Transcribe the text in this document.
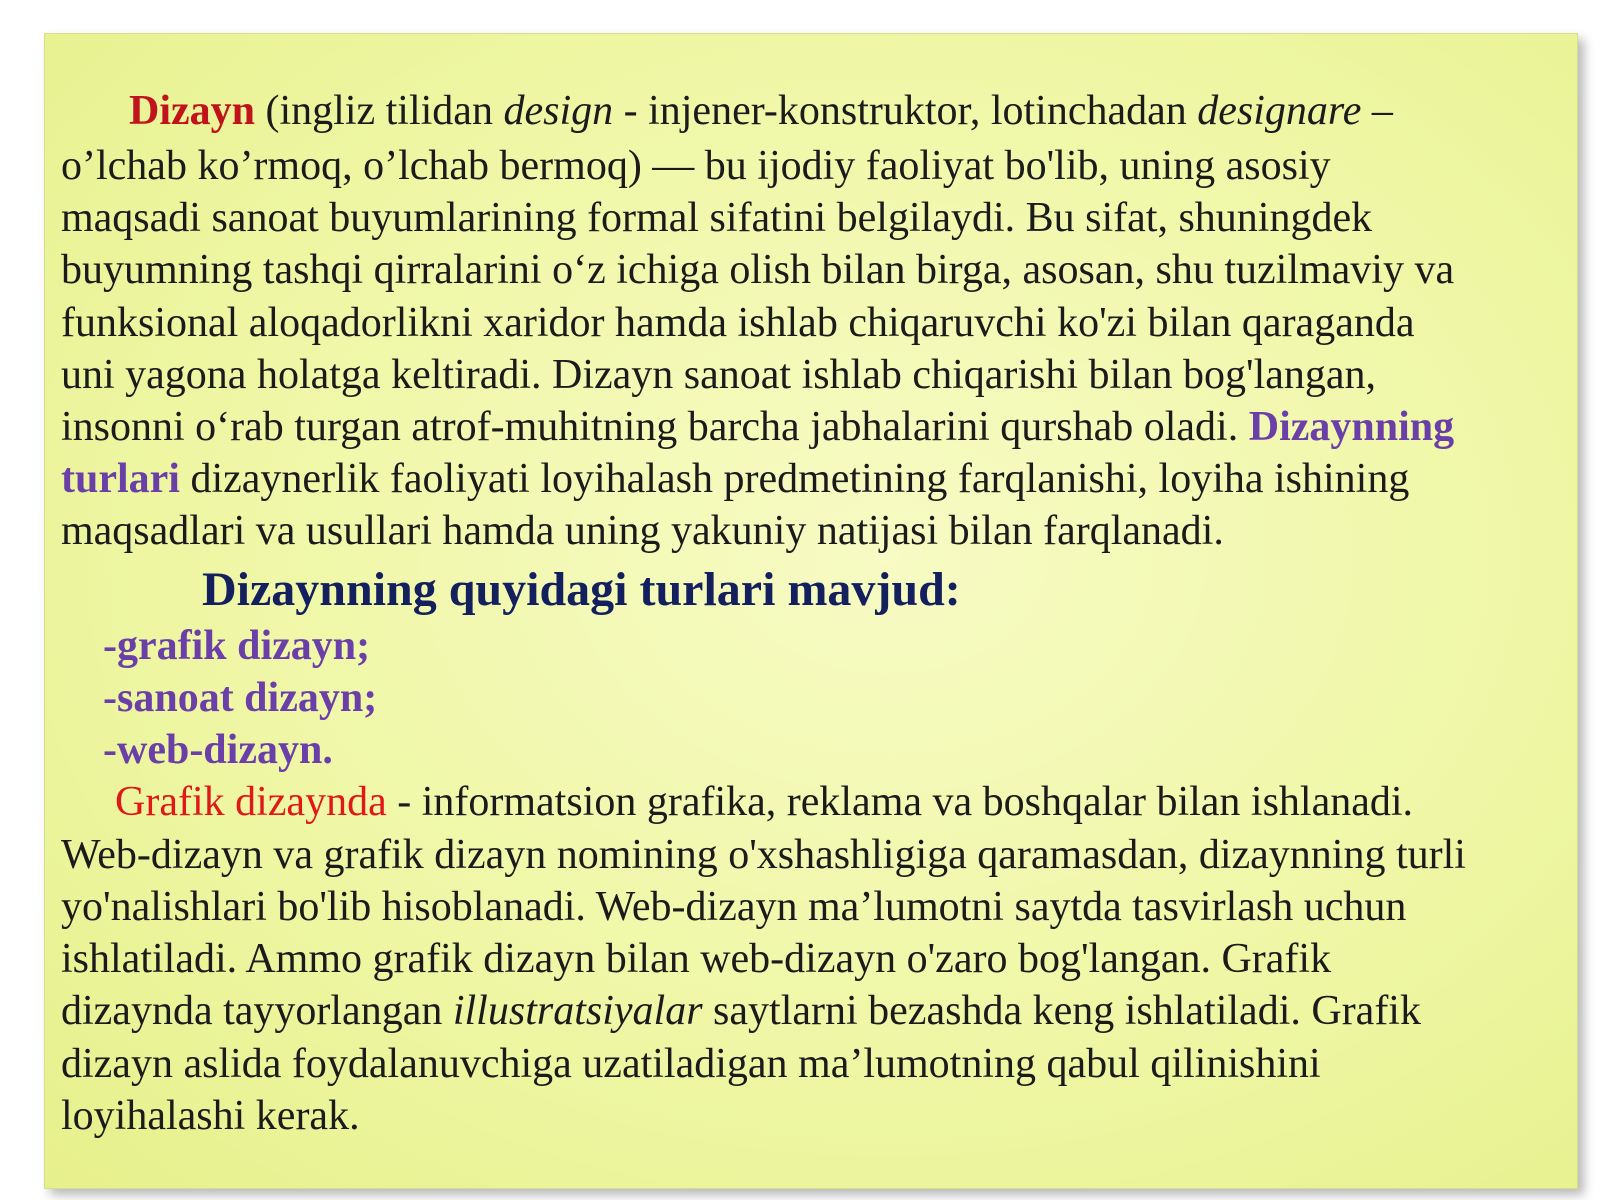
Dizayn (ingliz tilidan design - injener-konstruktor, lotinchadan designare –
o’lchab ko’rmoq, o’lchab bermoq) — bu ijodiy faoliyat bo'lib, uning asosiy
maqsadi sanoat buyumlarining formal sifatini belgilaydi. Bu sifat, shuningdek
buyumning tashqi qirralarini o‘z ichiga olish bilan birga, asosan, shu tuzilmaviy va
funksional aloqadorlikni xaridor hamda ishlab chiqaruvchi ko'zi bilan qaraganda
uni yagona holatga keltiradi. Dizayn sanoat ishlab chiqarishi bilan bog'langan,
insonni o‘rab turgan atrof-muhitning barcha jabhalarini qurshab oladi. Dizaynning
turlari dizaynerlik faoliyati loyihalash predmetining farqlanishi, loyiha ishining
maqsadlari va usullari hamda uning yakuniy natijasi bilan farqlanadi.
Dizaynning quyidagi turlari mavjud:
-grafik dizayn;
-sanoat dizayn;
-web-dizayn.
Grafik dizaynda - informatsion grafika, reklama va boshqalar bilan ishlanadi.
Web-dizayn va grafik dizayn nomining o'xshashligiga qaramasdan, dizaynning turli
yo'nalishlari bo'lib hisoblanadi. Web-dizayn ma’lumotni saytda tasvirlash uchun
ishlatiladi. Ammo grafik dizayn bilan web-dizayn o'zaro bog'langan. Grafik
dizaynda tayyorlangan illustratsiyalar saytlarni bezashda keng ishlatiladi. Grafik
dizayn aslida foydalanuvchiga uzatiladigan ma’lumotning qabul qilinishini
loyihalashi kerak.
